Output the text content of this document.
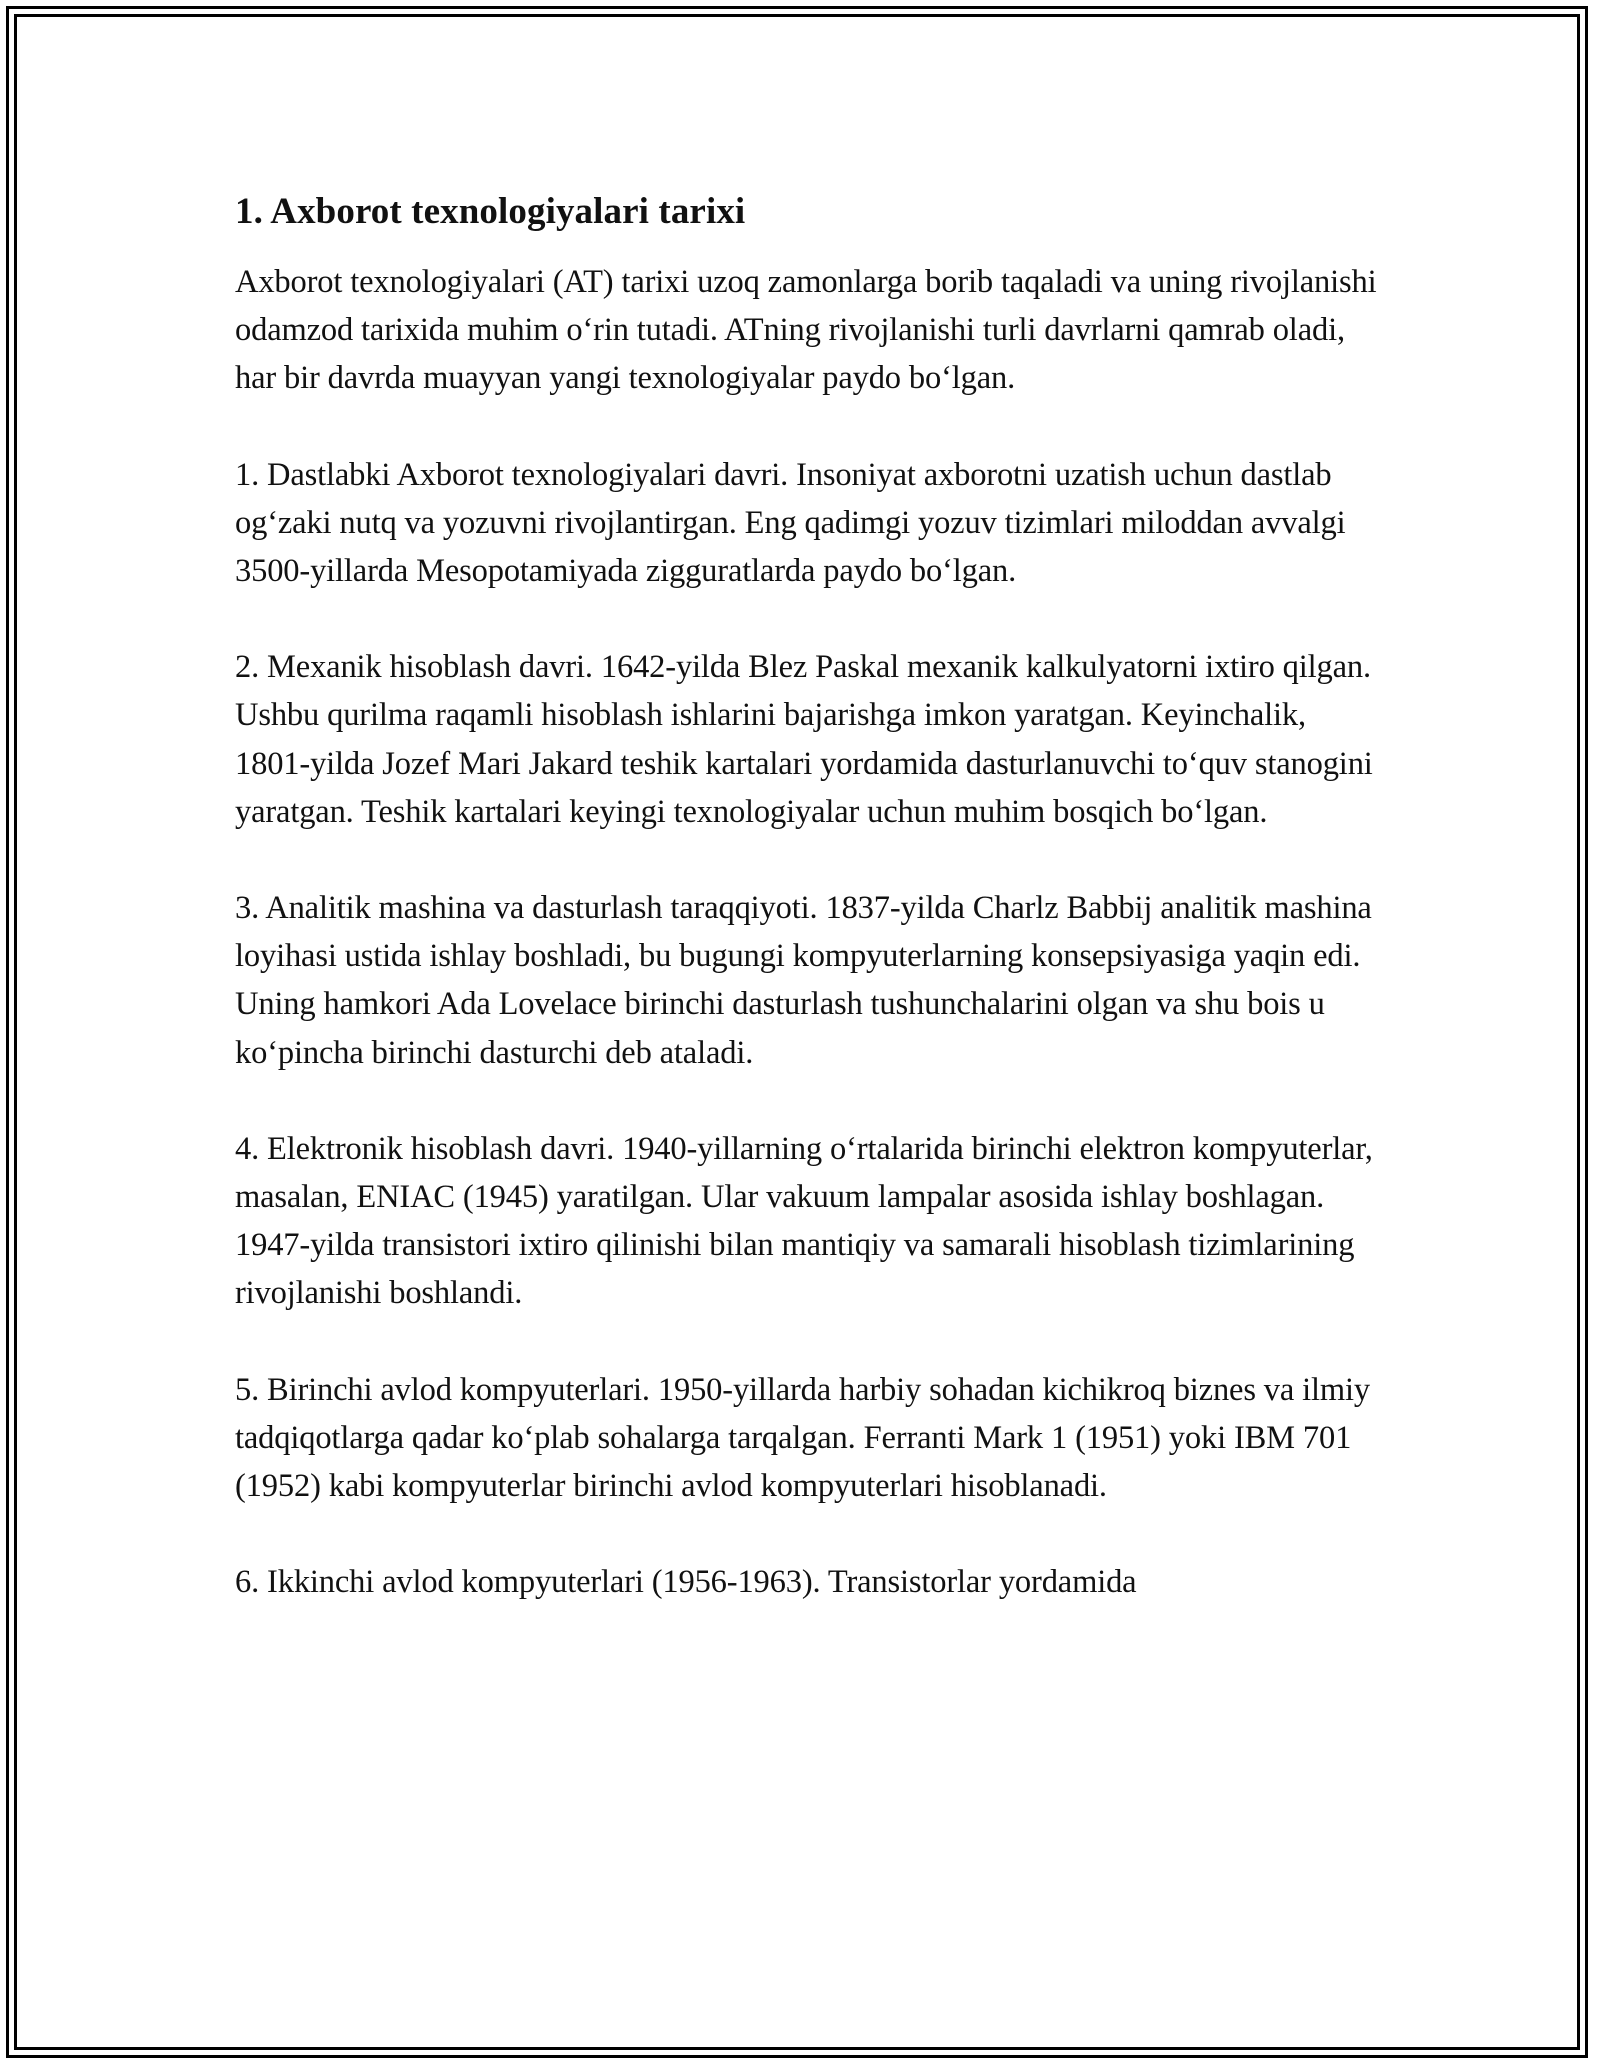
1. Axborot texnologiyalari tarixi

Axborot texnologiyalari (AT) tarixi uzoq zamonlarga borib taqaladi va uning rivojlanishi odamzod tarixida muhim o‘rin tutadi. ATning rivojlanishi turli davrlarni qamrab oladi, har bir davrda muayyan yangi texnologiyalar paydo bo‘lgan.

1. Dastlabki Axborot texnologiyalari davri. Insoniyat axborotni uzatish uchun dastlab og‘zaki nutq va yozuvni rivojlantirgan. Eng qadimgi yozuv tizimlari miloddan avvalgi 3500-yillarda Mesopotamiyada zigguratlarda paydo bo‘lgan.

2. Mexanik hisoblash davri. 1642-yilda Blez Paskal mexanik kalkulyatorni ixtiro qilgan. Ushbu qurilma raqamli hisoblash ishlarini bajarishga imkon yaratgan. Keyinchalik, 1801-yilda Jozef Mari Jakard teshik kartalari yordamida dasturlanuvchi to‘quv stanogini yaratgan. Teshik kartalari keyingi texnologiyalar uchun muhim bosqich bo‘lgan.

3. Analitik mashina va dasturlash taraqqiyoti. 1837-yilda Charlz Babbij analitik mashina loyihasi ustida ishlay boshladi, bu bugungi kompyuterlarning konsepsiyasiga yaqin edi. Uning hamkori Ada Lovelace birinchi dasturlash tushunchalarini olgan va shu bois u ko‘pincha birinchi dasturchi deb ataladi.

4. Elektronik hisoblash davri. 1940-yillarning o‘rtalarida birinchi elektron kompyuterlar, masalan, ENIAC (1945) yaratilgan. Ular vakuum lampalar asosida ishlay boshlagan. 1947-yilda transistori ixtiro qilinishi bilan mantiqiy va samarali hisoblash tizimlarining rivojlanishi boshlandi.

5. Birinchi avlod kompyuterlari. 1950-yillarda harbiy sohadan kichikroq biznes va ilmiy tadqiqotlarga qadar ko‘plab sohalarga tarqalgan. Ferranti Mark 1 (1951) yoki IBM 701 (1952) kabi kompyuterlar birinchi avlod kompyuterlari hisoblanadi.

6. Ikkinchi avlod kompyuterlari (1956-1963). Transistorlar yordamida
